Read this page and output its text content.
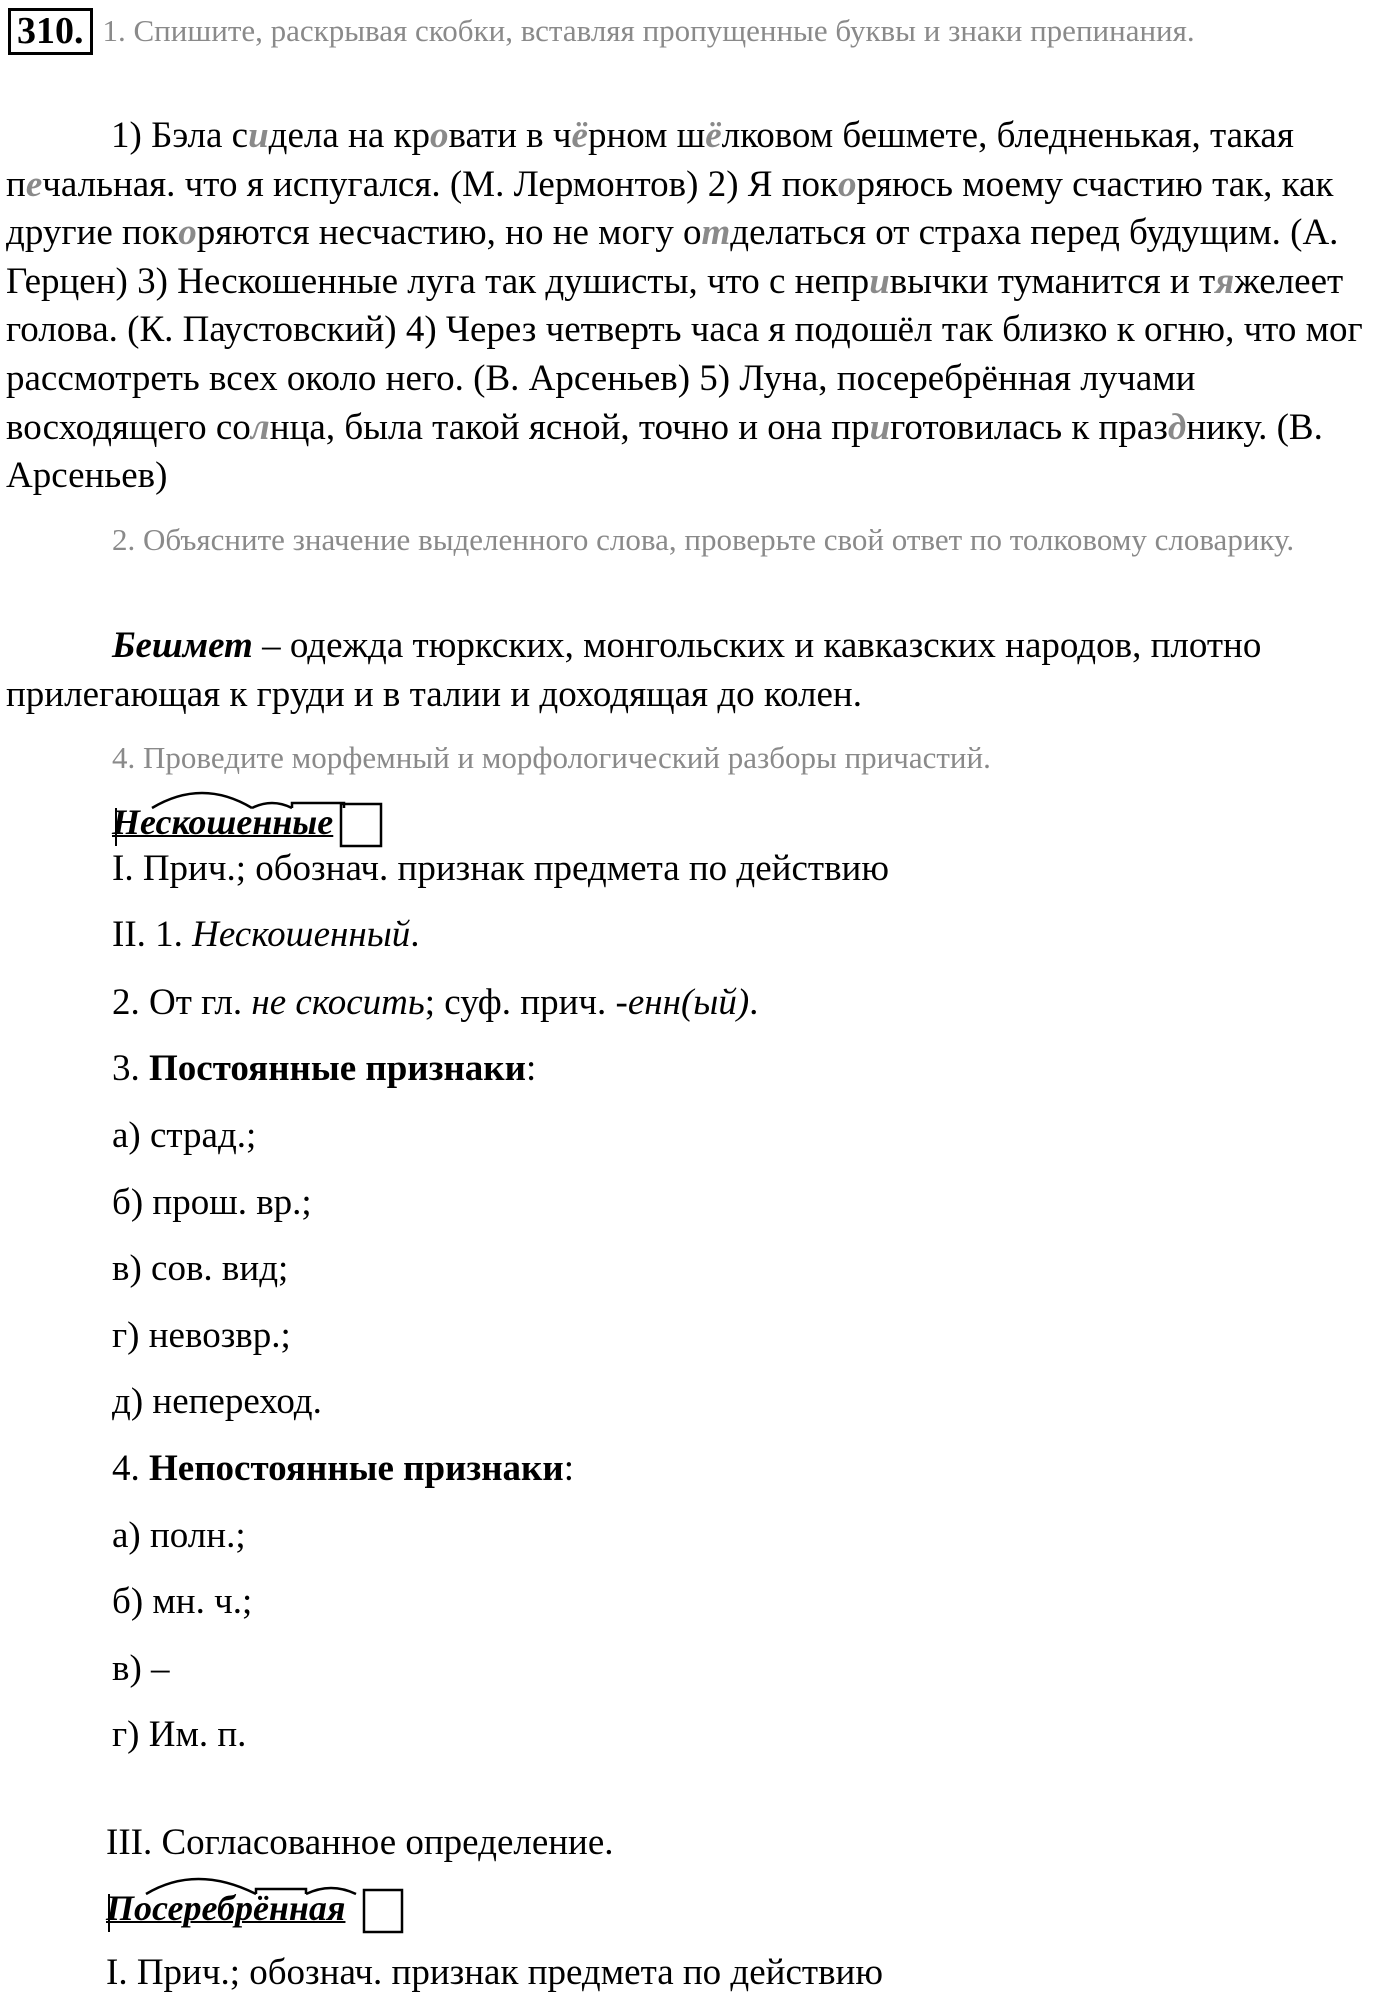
310. 1. Спишите, раскрывая скобки, вставляя пропущенные буквы и знаки препинания.
1) Бэла сидела на кровати в чёрном шёлковом бешмете, бледненькая, такая печальная. что я испугался. (М. Лермонтов) 2) Я покоряюсь моему счастию так, как другие покоряются несчастию, но не могу отделаться от страха перед будущим. (А. Герцен) 3) Нескошенные луга так душисты, что с непривычки туманится и тяжелеет голова. (К. Паустовский) 4) Через четверть часа я подошёл так близко к огню, что мог рассмотреть всех около него. (В. Арсеньев) 5) Луна, посеребрённая лучами восходящего солнца, была такой ясной, точно и она приготовилась к празднику. (В. Арсеньев)
2. Объясните значение выделенного слова, проверьте свой ответ по толковому словарику.
Бешмет – одежда тюркских, монгольских и кавказских народов, плотно прилегающая к груди и в талии и доходящая до колен.
4. Проведите морфемный и морфологический разборы причастий.
Нескошенные
I. Прич.; обознач. признак предмета по действию
II. 1. Нескошенный.
2. От гл. не скосить; суф. прич. -енн(ый).
3. Постоянные признаки:
а) страд.;
б) прош. вр.;
в) сов. вид;
г) невозвр.;
д) непереход.
4. Непостоянные признаки:
а) полн.;
б) мн. ч.;
в) –
г) Им. п.
III. Согласованное определение.
Посеребрённая
I. Прич.; обознач. признак предмета по действию
